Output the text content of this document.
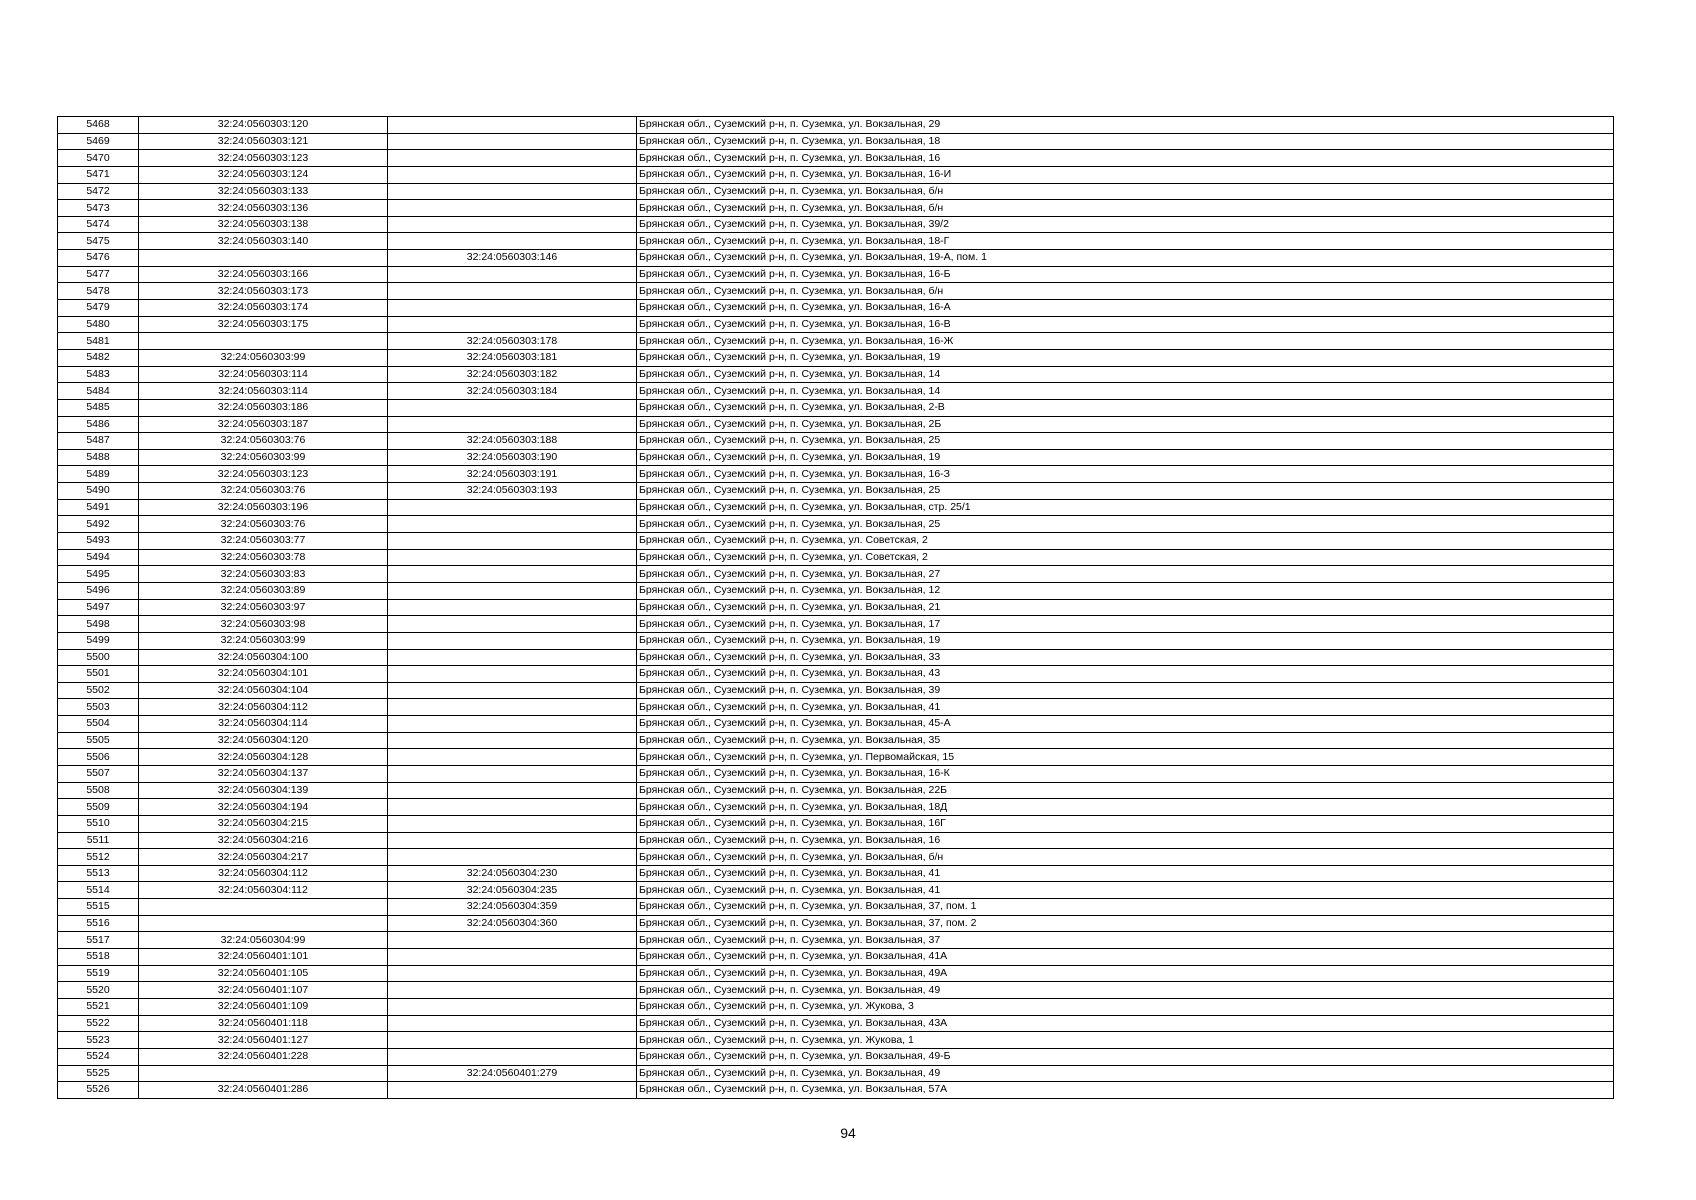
5468	32:24:0560303:120		Брянская обл., Суземский р-н, п. Суземка, ул. Вокзальная, 29
5469	32:24:0560303:121		Брянская обл., Суземский р-н, п. Суземка, ул. Вокзальная, 18
5470	32:24:0560303:123		Брянская обл., Суземский р-н, п. Суземка, ул. Вокзальная, 16
5471	32:24:0560303:124		Брянская обл., Суземский р-н, п. Суземка, ул. Вокзальная, 16-И
5472	32:24:0560303:133		Брянская обл., Суземский р-н, п. Суземка, ул. Вокзальная, б/н
5473	32:24:0560303:136		Брянская обл., Суземский р-н, п. Суземка, ул. Вокзальная, б/н
5474	32:24:0560303:138		Брянская обл., Суземский р-н, п. Суземка, ул. Вокзальная, 39/2
5475	32:24:0560303:140		Брянская обл., Суземский р-н, п. Суземка, ул. Вокзальная, 18-Г
5476		32:24:0560303:146	Брянская обл., Суземский р-н, п. Суземка, ул. Вокзальная, 19-А, пом. 1
5477	32:24:0560303:166		Брянская обл., Суземский р-н, п. Суземка, ул. Вокзальная, 16-Б
5478	32:24:0560303:173		Брянская обл., Суземский р-н, п. Суземка, ул. Вокзальная, б/н
5479	32:24:0560303:174		Брянская обл., Суземский р-н, п. Суземка, ул. Вокзальная, 16-А
5480	32:24:0560303:175		Брянская обл., Суземский р-н, п. Суземка, ул. Вокзальная, 16-В
5481		32:24:0560303:178	Брянская обл., Суземский р-н, п. Суземка, ул. Вокзальная, 16-Ж
5482	32:24:0560303:99	32:24:0560303:181	Брянская обл., Суземский р-н, п. Суземка, ул. Вокзальная, 19
5483	32:24:0560303:114	32:24:0560303:182	Брянская обл., Суземский р-н, п. Суземка, ул. Вокзальная, 14
5484	32:24:0560303:114	32:24:0560303:184	Брянская обл., Суземский р-н, п. Суземка, ул. Вокзальная, 14
5485	32:24:0560303:186		Брянская обл., Суземский р-н, п. Суземка, ул. Вокзальная, 2-В
5486	32:24:0560303:187		Брянская обл., Суземский р-н, п. Суземка, ул. Вокзальная, 2Б
5487	32:24:0560303:76	32:24:0560303:188	Брянская обл., Суземский р-н, п. Суземка, ул. Вокзальная, 25
5488	32:24:0560303:99	32:24:0560303:190	Брянская обл., Суземский р-н, п. Суземка, ул. Вокзальная, 19
5489	32:24:0560303:123	32:24:0560303:191	Брянская обл., Суземский р-н, п. Суземка, ул. Вокзальная, 16-З
5490	32:24:0560303:76	32:24:0560303:193	Брянская обл., Суземский р-н, п. Суземка, ул. Вокзальная, 25
5491	32:24:0560303:196		Брянская обл., Суземский р-н, п. Суземка, ул. Вокзальная, стр. 25/1
5492	32:24:0560303:76		Брянская обл., Суземский р-н, п. Суземка, ул. Вокзальная, 25
5493	32:24:0560303:77		Брянская обл., Суземский р-н, п. Суземка, ул. Советская, 2
5494	32:24:0560303:78		Брянская обл., Суземский р-н, п. Суземка, ул. Советская, 2
5495	32:24:0560303:83		Брянская обл., Суземский р-н, п. Суземка, ул. Вокзальная, 27
5496	32:24:0560303:89		Брянская обл., Суземский р-н, п. Суземка, ул. Вокзальная, 12
5497	32:24:0560303:97		Брянская обл., Суземский р-н, п. Суземка, ул. Вокзальная, 21
5498	32:24:0560303:98		Брянская обл., Суземский р-н, п. Суземка, ул. Вокзальная, 17
5499	32:24:0560303:99		Брянская обл., Суземский р-н, п. Суземка, ул. Вокзальная, 19
5500	32:24:0560304:100		Брянская обл., Суземский р-н, п. Суземка, ул. Вокзальная, 33
5501	32:24:0560304:101		Брянская обл., Суземский р-н, п. Суземка, ул. Вокзальная, 43
5502	32:24:0560304:104		Брянская обл., Суземский р-н, п. Суземка, ул. Вокзальная, 39
5503	32:24:0560304:112		Брянская обл., Суземский р-н, п. Суземка, ул. Вокзальная, 41
5504	32:24:0560304:114		Брянская обл., Суземский р-н, п. Суземка, ул. Вокзальная, 45-А
5505	32:24:0560304:120		Брянская обл., Суземский р-н, п. Суземка, ул. Вокзальная, 35
5506	32:24:0560304:128		Брянская обл., Суземский р-н, п. Суземка, ул. Первомайская, 15
5507	32:24:0560304:137		Брянская обл., Суземский р-н, п. Суземка, ул. Вокзальная, 16-К
5508	32:24:0560304:139		Брянская обл., Суземский р-н, п. Суземка, ул. Вокзальная, 22Б
5509	32:24:0560304:194		Брянская обл., Суземский р-н, п. Суземка, ул. Вокзальная, 18Д
5510	32:24:0560304:215		Брянская обл., Суземский р-н, п. Суземка, ул. Вокзальная, 16Г
5511	32:24:0560304:216		Брянская обл., Суземский р-н, п. Суземка, ул. Вокзальная, 16
5512	32:24:0560304:217		Брянская обл., Суземский р-н, п. Суземка, ул. Вокзальная, б/н
5513	32:24:0560304:112	32:24:0560304:230	Брянская обл., Суземский р-н, п. Суземка, ул. Вокзальная, 41
5514	32:24:0560304:112	32:24:0560304:235	Брянская обл., Суземский р-н, п. Суземка, ул. Вокзальная, 41
5515		32:24:0560304:359	Брянская обл., Суземский р-н, п. Суземка, ул. Вокзальная, 37, пом. 1
5516		32:24:0560304:360	Брянская обл., Суземский р-н, п. Суземка, ул. Вокзальная, 37, пом. 2
5517	32:24:0560304:99		Брянская обл., Суземский р-н, п. Суземка, ул. Вокзальная, 37
5518	32:24:0560401:101		Брянская обл., Суземский р-н, п. Суземка, ул. Вокзальная, 41А
5519	32:24:0560401:105		Брянская обл., Суземский р-н, п. Суземка, ул. Вокзальная, 49А
5520	32:24:0560401:107		Брянская обл., Суземский р-н, п. Суземка, ул. Вокзальная, 49
5521	32:24:0560401:109		Брянская обл., Суземский р-н, п. Суземка, ул. Жукова, 3
5522	32:24:0560401:118		Брянская обл., Суземский р-н, п. Суземка, ул. Вокзальная, 43А
5523	32:24:0560401:127		Брянская обл., Суземский р-н, п. Суземка, ул. Жукова, 1
5524	32:24:0560401:228		Брянская обл., Суземский р-н, п. Суземка, ул. Вокзальная, 49-Б
5525		32:24:0560401:279	Брянская обл., Суземский р-н, п. Суземка, ул. Вокзальная, 49
5526	32:24:0560401:286		Брянская обл., Суземский р-н, п. Суземка, ул. Вокзальная, 57А
94
